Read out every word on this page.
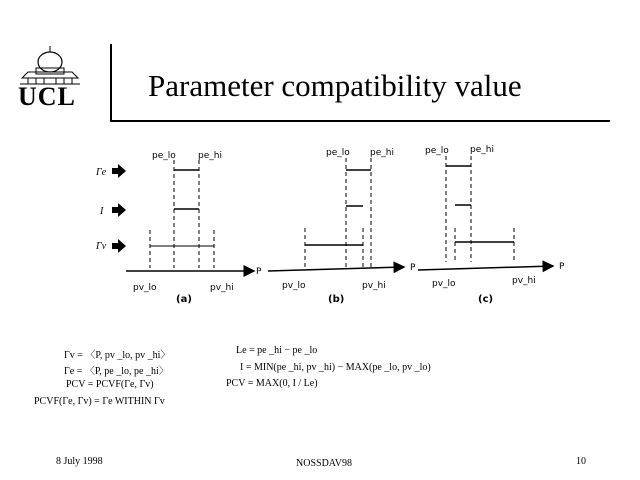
UCL Parameter compatibility value
Γe
I
Γv
pe_lo pe_hi
P
pv_lo	pv_hi
(a)
pe_lo pe_hi
P
pv_lo	pv_hi
(b)
pe_lo pe_hi
P
pv_lo	pv_hi
(c)
Γv = 〈P, pv _lo, pv _hi〉
Γe = 〈P, pe _lo, pe _hi〉
PCV = PCVF(Γe, Γv)
PCVF(Γe, Γv) = Γe WITHIN Γv
Le = pe _hi − pe _lo
I = MIN(pe _hi, pv _hi) − MAX(pe _lo, pv _lo)
PCV = MAX(0, I / Le)
8 July 1998	NOSSDAV98	10
